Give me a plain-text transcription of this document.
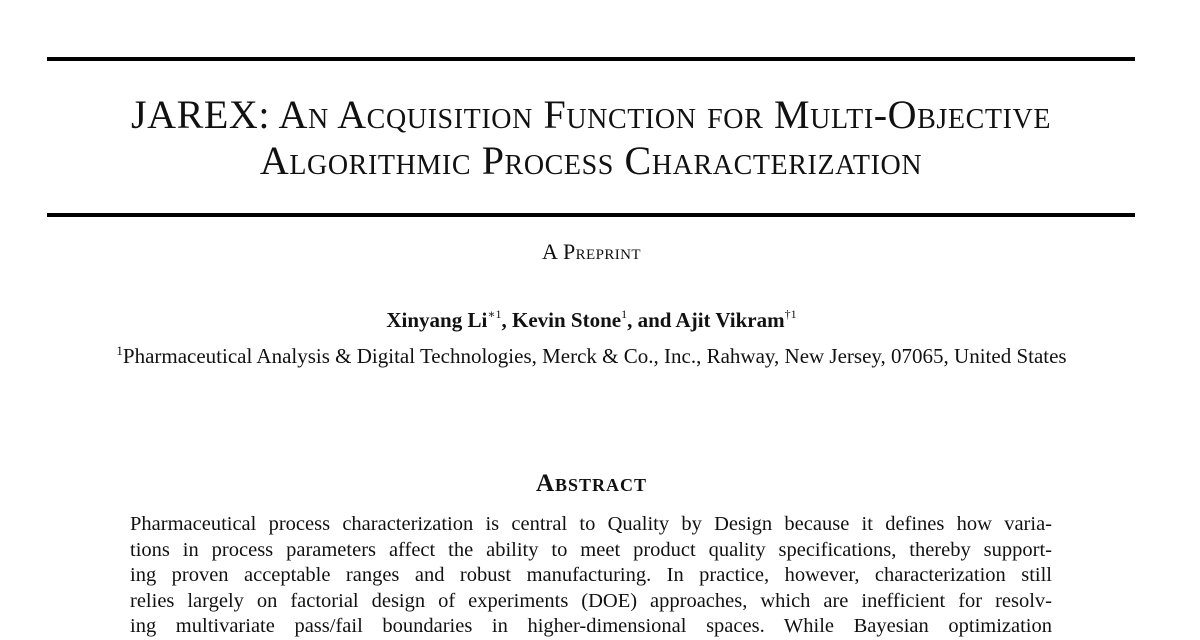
JAREX: An Acquisition Function for Multi-Objective
Algorithmic Process Characterization
A Preprint
Xinyang $Li^{∗1}$, Kevin Stone$^1$, and Ajit Vikram$^{\dagger 1}$
$^1$Pharmaceutical Analysis & Digital Technologies, Merck & Co., Inc., Rahway, New Jersey, 07065, United States
Abstract
Pharmaceutical process characterization is central to Quality by Design because it defines how varia-
tions in process parameters affect the ability to meet product quality specifications, thereby support-
ing proven acceptable ranges and robust manufacturing. In practice, however, characterization still
relies largely on factorial design of experiments (DOE) approaches, which are inefficient for resolv-
ing multivariate pass/fail boundaries in higher-dimensional spaces. While Bayesian optimization
